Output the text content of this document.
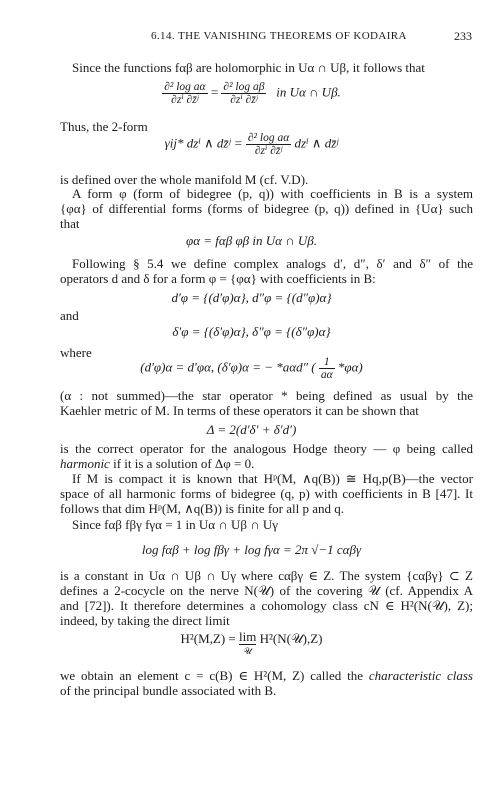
6.14. THE VANISHING THEOREMS OF KODAIRA	233
Since the functions fαβ are holomorphic in Uα ∩ Uβ, it follows that
$\frac{\text{∂² log aα}}{\text{∂zⁱ ∂z̄ʲ}} = \frac{\text{∂² log aβ}}{\text{∂zⁱ ∂z̄ʲ}}$ in Uα ∩ Uβ.
Thus, the 2-form
γij* dzⁱ ∧ dz̄ʲ = $\frac{\text{∂² log aα}}{\text{∂zⁱ ∂z̄ʲ}}$ dzⁱ ∧ dz̄ʲ
is defined over the whole manifold M (cf. V.D).
A form φ (form of bidegree (p, q)) with coefficients in B is a system
{φα} of differential forms (forms of bidegree (p, q)) defined in {Uα} such
that
φα = fαβ φβ in Uα ∩ Uβ.
Following § 5.4 we define complex analogs d′, d″, δ′ and δ″ of the
operators d and δ for a form φ = {φα} with coefficients in B:
d′φ = {(d′φ)α}, d″φ = {(d″φ)α}
and
δ′φ = {(δ′φ)α}, δ″φ = {(δ″φ)α}
where
(d′φ)α = d′φα, (δ′φ)α = − *aαd″ ( $\frac{1}{a\alpha} *\varphi\alpha$)
(α : not summed)—the star operator * being defined as usual by the
Kaehler metric of M. In terms of these operators it can be shown that
Δ = 2(d′δ′ + δ′d′)
is the correct operator for the analogous Hodge theory — φ being called
harmonic if it is a solution of Δφ = 0.
If M is compact it is known that Hᵖ(M, ∧q(B)) ≅ Hq,p(B)—the vector
space of all harmonic forms of bidegree (q, p) with coefficients in B [47]. It
follows that dim Hᵖ(M, ∧q(B)) is finite for all p and q.
Since fαβ fβγ fγα = 1 in Uα ∩ Uβ ∩ Uγ
log fαβ + log fβγ + log fγα = 2π √−1 cαβγ
is a constant in Uα ∩ Uβ ∩ Uγ where cαβγ ∈ Z. The system {cαβγ} ⊂ Z
defines a 2-cocycle on the nerve N(𝒰) of the covering 𝒰 (cf. Appendix A
and [72]). It therefore determines a cohomology class cN ∈ H²(N(𝒰), Z);
indeed, by taking the direct limit
H²(M,Z) = lim
𝒰
H²(N(𝒰),Z)
we obtain an element c = c(B) ∈ H²(M, Z) called the characteristic class
of the principal bundle associated with B.
